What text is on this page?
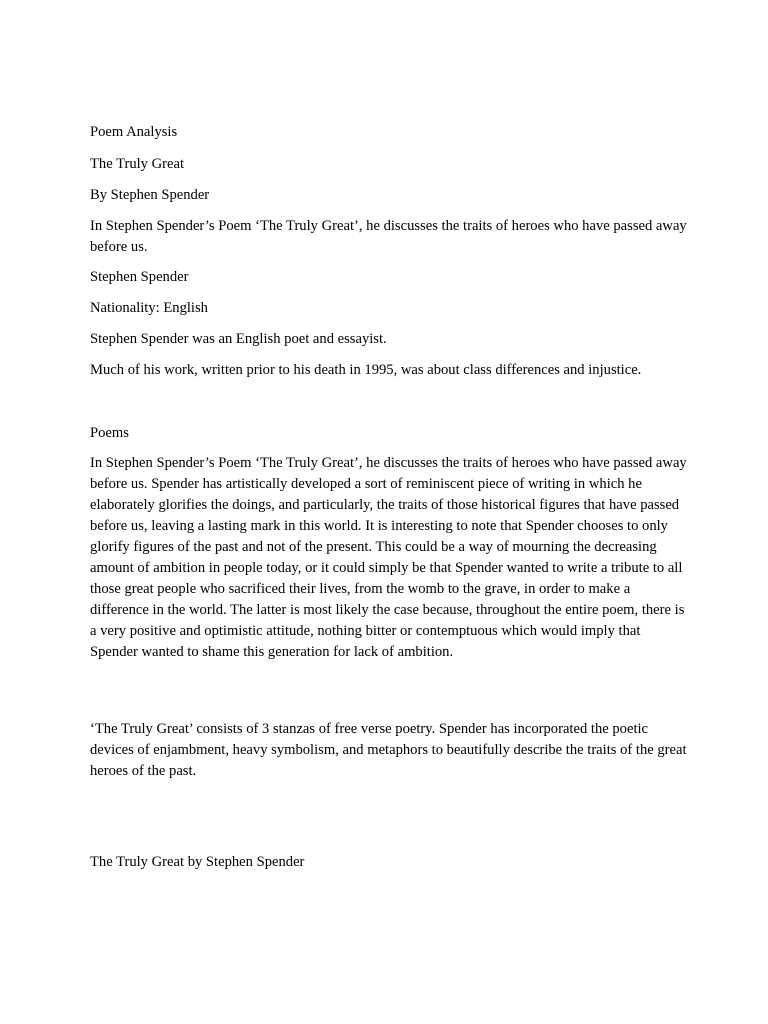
Poem Analysis

The Truly Great

By Stephen Spender

In Stephen Spender’s Poem ‘The Truly Great’, he discusses the traits of heroes who have passed away before us.

Stephen Spender

Nationality: English

Stephen Spender was an English poet and essayist.

Much of his work, written prior to his death in 1995, was about class differences and injustice.

Poems

In Stephen Spender’s Poem ‘The Truly Great’, he discusses the traits of heroes who have passed away before us. Spender has artistically developed a sort of reminiscent piece of writing in which he elaborately glorifies the doings, and particularly, the traits of those historical figures that have passed before us, leaving a lasting mark in this world. It is interesting to note that Spender chooses to only glorify figures of the past and not of the present. This could be a way of mourning the decreasing amount of ambition in people today, or it could simply be that Spender wanted to write a tribute to all those great people who sacrificed their lives, from the womb to the grave, in order to make a difference in the world. The latter is most likely the case because, throughout the entire poem, there is a very positive and optimistic attitude, nothing bitter or contemptuous which would imply that Spender wanted to shame this generation for lack of ambition.

‘The Truly Great’ consists of 3 stanzas of free verse poetry. Spender has incorporated the poetic devices of enjambment, heavy symbolism, and metaphors to beautifully describe the traits of the great heroes of the past.

The Truly Great by Stephen Spender
